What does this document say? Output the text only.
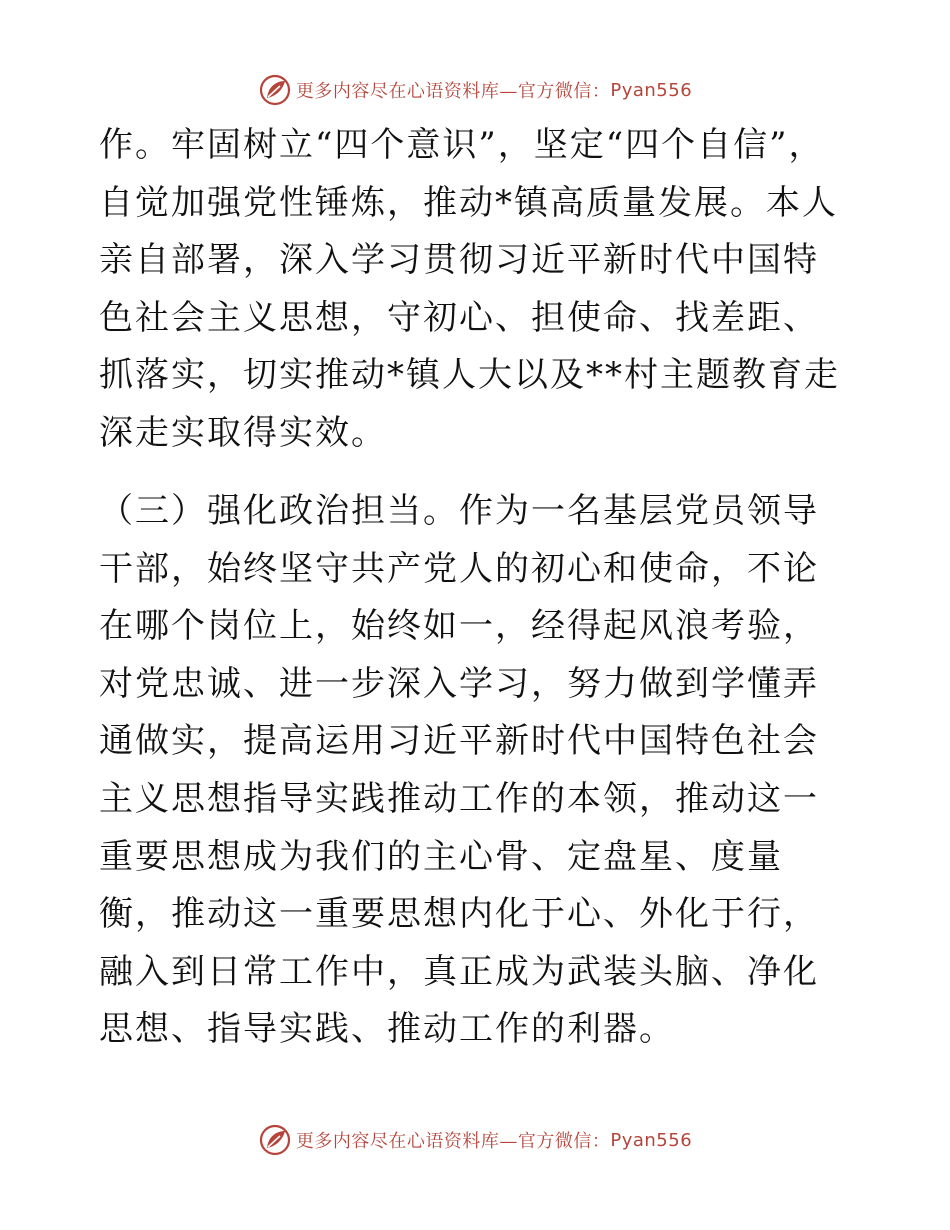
更多内容尽在心语资料库—官方微信： Pyan556

作。牢固树立“四个意识”，坚定“四个自信”，自觉加强党性锤炼，推动*镇高质量发展。本人亲自部署，深入学习贯彻习近平新时代中国特色社会主义思想，守初心、担使命、找差距、抓落实，切实推动*镇人大以及**村主题教育走深走实取得实效。

（三）强化政治担当。作为一名基层党员领导干部，始终坚守共产党人的初心和使命，不论在哪个岗位上，始终如一，经得起风浪考验，对党忠诚、进一步深入学习，努力做到学懂弄通做实，提高运用习近平新时代中国特色社会主义思想指导实践推动工作的本领，推动这一重要思想成为我们的主心骨、定盘星、度量衡，推动这一重要思想内化于心、外化于行，融入到日常工作中，真正成为武装头脑、净化思想、指导实践、推动工作的利器。

更多内容尽在心语资料库—官方微信： Pyan556
